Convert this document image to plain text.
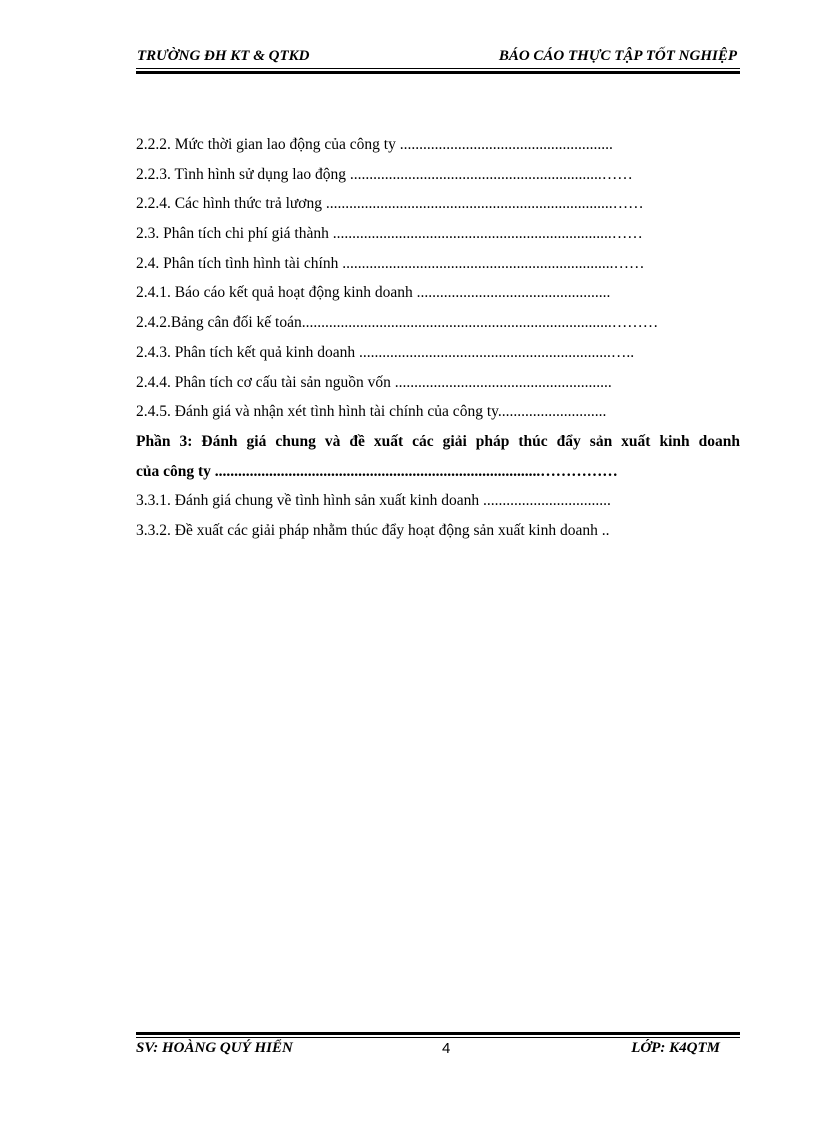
TRƯỜNG ĐH KT & QTKD	BÁO CÁO THỰC TẬP TỐT NGHIỆP
2.2.2. Mức thời gian lao động của công ty .......................................................
2.2.3. Tình hình sử dụng lao động .................................................................……
2.2.4. Các hình thức trả lương ..........................................................................……
2.3. Phân tích chi phí giá thành ........................................................................……
2.4. Phân tích tình hình tài chính ......................................................................……
2.4.1. Báo cáo kết quả hoạt động kinh doanh ..................................................
2.4.2.Bảng cân đối kế toán................................................................................………
2.4.3. Phân tích kết quả kinh doanh .................................................................…..
2.4.4. Phân tích cơ cấu tài sản nguồn vốn ........................................................
2.4.5. Đánh giá và nhận xét tình hình tài chính của công ty............................
Phần 3: Đánh giá chung và đề xuất các giải pháp thúc đẩy sản xuất kinh doanh
của công ty ....................................................................................……………
3.3.1. Đánh giá chung về tình hình sản xuất kinh doanh .................................
3.3.2. Đề xuất các giải pháp nhằm thúc đẩy hoạt động sản xuất kinh doanh ..
SV: HOÀNG QUÝ HIỂN	4	LỚP: K4QTM
